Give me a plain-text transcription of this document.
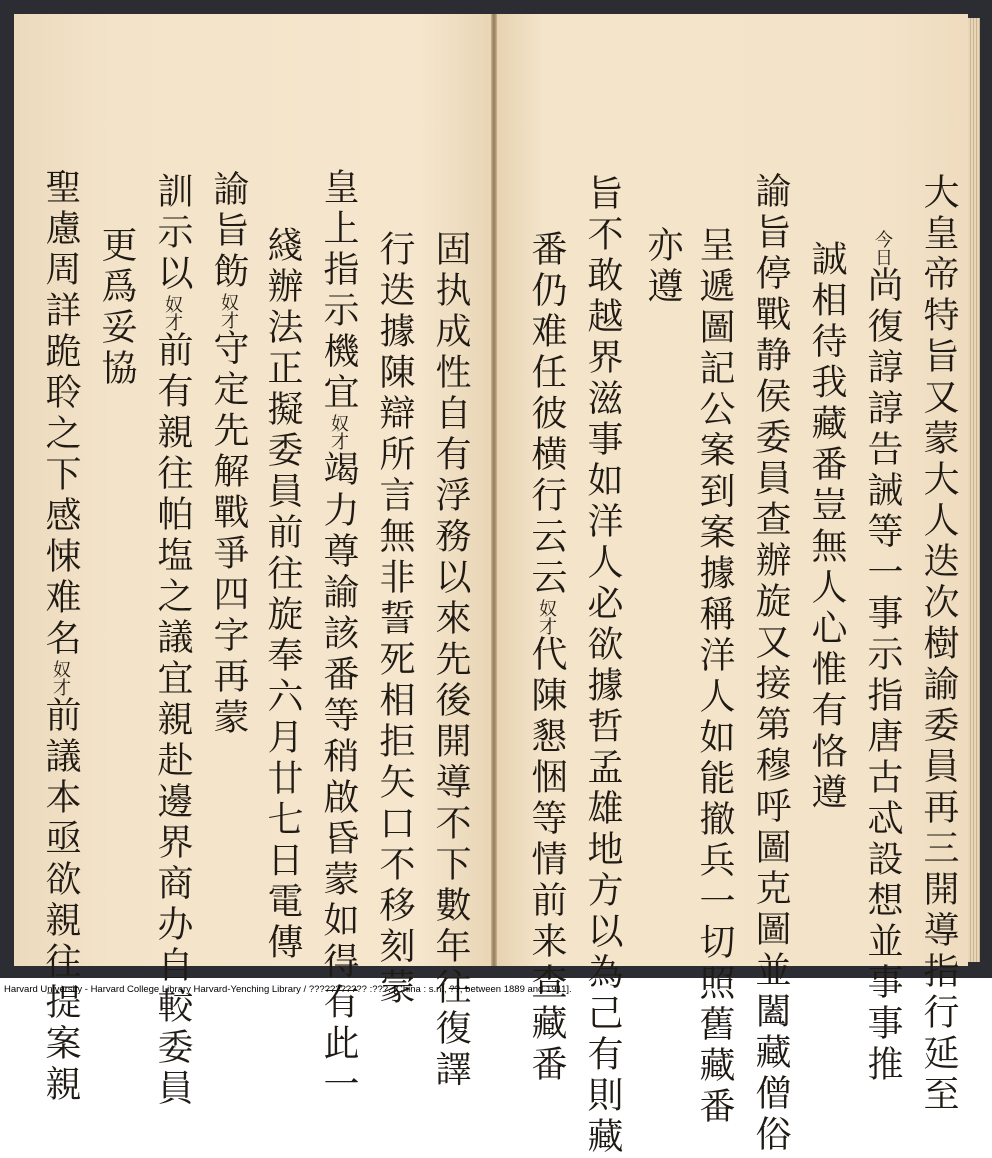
大皇帝特旨又蒙大人迭次樹諭委員再三開導指行延至
今日尚復諄諄告誡等一事示指唐古忒設想並事事推
誠相待我藏番豈無人心惟有恪遵
諭旨停戰静侯委員查辦旋又接第穆呼圖克圖並闔藏僧俗
呈遞圖記公案到案據稱洋人如能撤兵一切照舊藏番
亦遵
旨不敢越界滋事如洋人必欲據哲孟雄地方以為己有則藏
番仍难任彼横行云云奴才代陳懇悃等情前来查藏番
固执成性自有浮務以來先後開導不下數年往復譯
行迭據陳辯所言無非誓死相拒矢口不移刻蒙
皇上指示機宜奴才竭力尊諭該番等稍啟昏蒙如得有此一
綫辦法正擬委員前往旋奉六月廿七日電傳
諭旨飭奴才守定先解戰爭四字再蒙
訓示以奴才前有親往帕塩之議宜親赴邊界商办自較委員
更爲妥協
聖慮周詳跪聆之下感悚难名奴才前議本亟欲親往提案親
Harvard University - Harvard College Library Harvard-Yenching Library / ??????????? :???. [China : s.n., ??, between 1889 and 1911].
